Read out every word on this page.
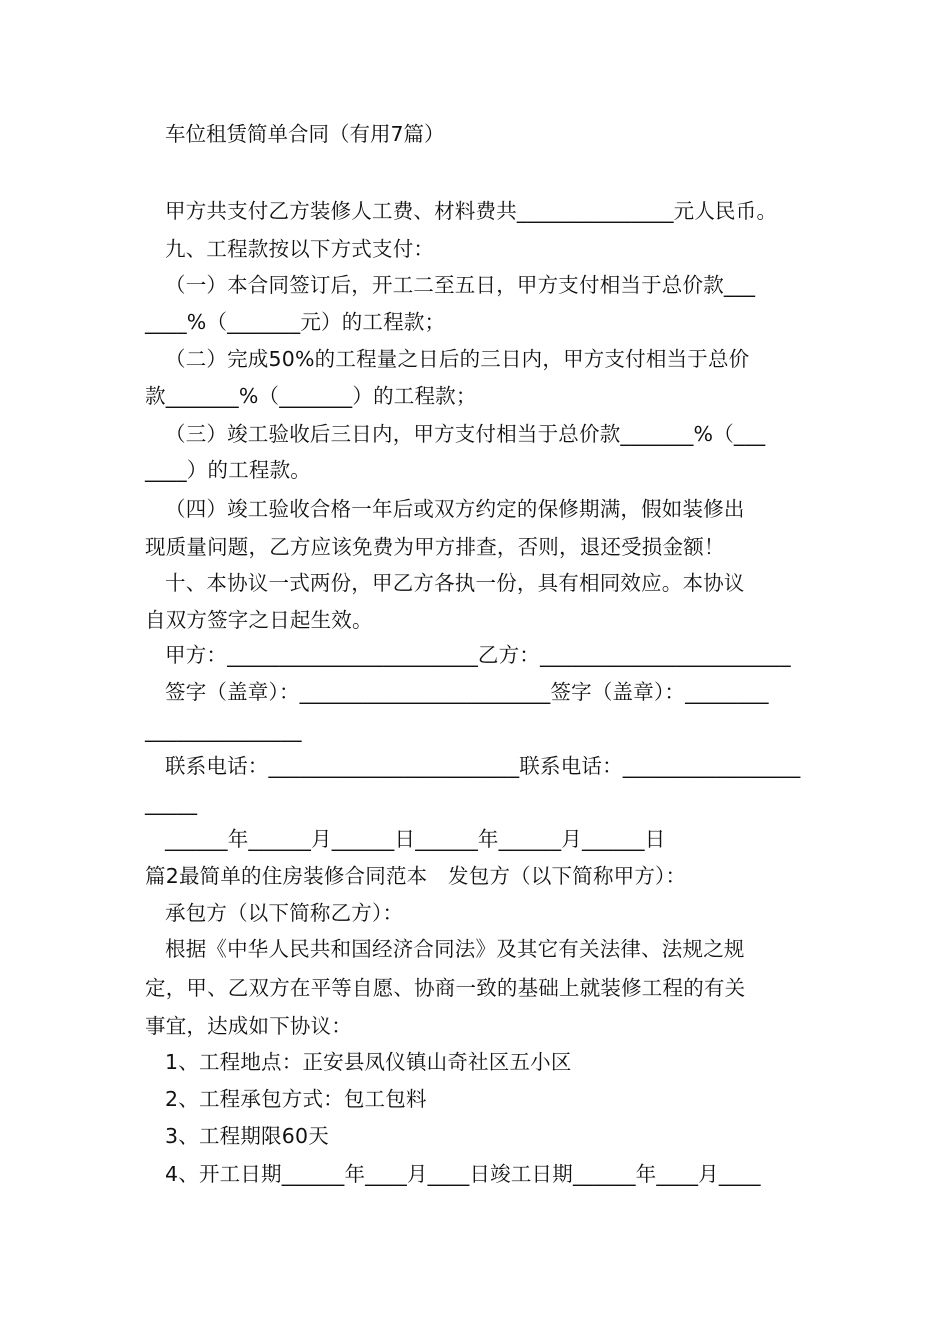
车位租赁简单合同（有用7篇）
甲方共支付乙方装修人工费、材料费共_______________元人民币。
九、工程款按以下方式支付：
（一）本合同签订后，开工二至五日，甲方支付相当于总价款___
____%（_______元）的工程款；
（二）完成50%的工程量之日后的三日内，甲方支付相当于总价
款_______%（_______）的工程款；
（三）竣工验收后三日内，甲方支付相当于总价款_______%（___
____）的工程款。
（四）竣工验收合格一年后或双方约定的保修期满，假如装修出
现质量问题，乙方应该免费为甲方排查，否则，退还受损金额！
十、本协议一式两份，甲乙方各执一份，具有相同效应。本协议
自双方签字之日起生效。
甲方：________________________乙方：________________________
签字（盖章）：________________________签字（盖章）：________
_______________
联系电话：________________________联系电话：_________________
_____
______年______月______日______年______月______日
篇2最简单的住房装修合同范本　发包方（以下简称甲方）：
承包方（以下简称乙方）：
根据《中华人民共和国经济合同法》及其它有关法律、法规之规
定，甲、乙双方在平等自愿、协商一致的基础上就装修工程的有关
事宜，达成如下协议：
1、工程地点：正安县凤仪镇山奇社区五小区
2、工程承包方式：包工包料
3、工程期限60天
4、开工日期______年____月____日竣工日期______年____月____
